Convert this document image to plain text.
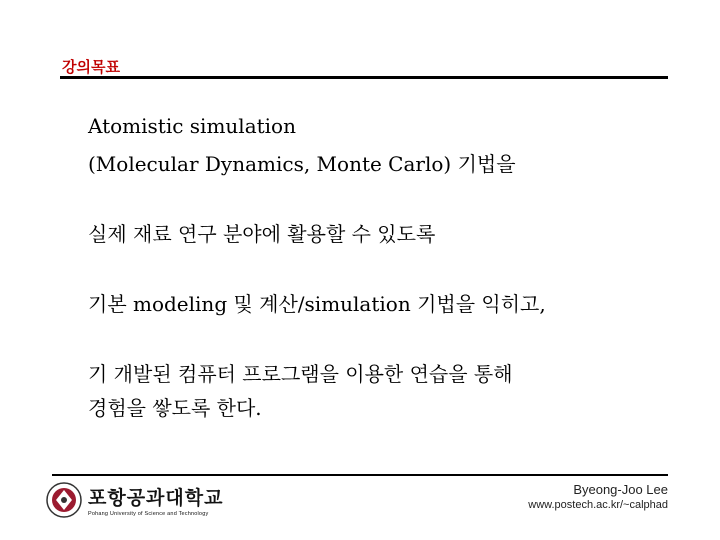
강의목표
Atomistic simulation
(Molecular Dynamics, Monte Carlo) 기법을
실제 재료 연구 분야에 활용할 수 있도록
기본 modeling 및 계산/simulation 기법을 익히고,
기 개발된 컴퓨터 프로그램을 이용한 연습을 통해
경험을 쌓도록 한다.
포항공과대학교
Pohang University of Science and Technology
Byeong-Joo Lee
www.postech.ac.kr/~calphad
